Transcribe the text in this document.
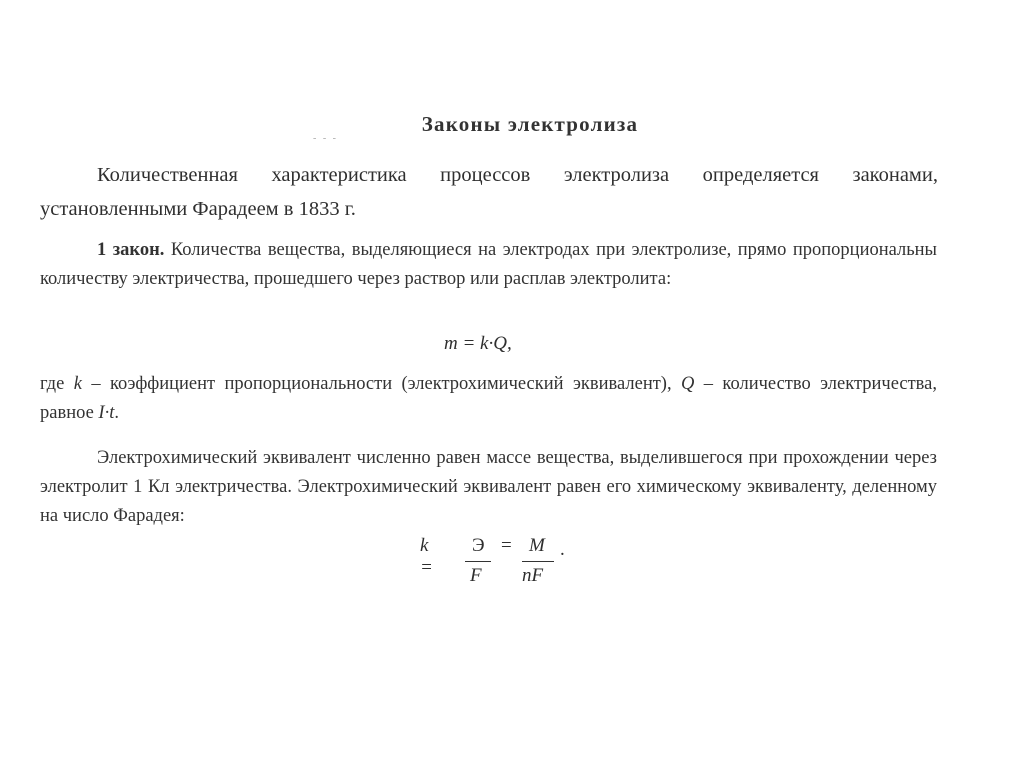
- - -
Законы электролиза
Количественная характеристика процессов электролиза определяется законами, установленными Фарадеем в 1833 г.
1 закон. Количества вещества, выделяющиеся на электродах при электролизе, прямо пропорциональны количеству электричества, прошедшего через раствор или расплав электролита:
m = k·Q,
где k – коэффициент пропорциональности (электрохимический эквивалент), Q – количество электричества, равное I·t.
Электрохимический эквивалент численно равен массе вещества, выделившегося при прохождении через электролит 1 Кл электричества. Электрохимический эквивалент равен его химическому эквиваленту, деленному на число Фарадея:
k =
Э
F
= M
nF
.
